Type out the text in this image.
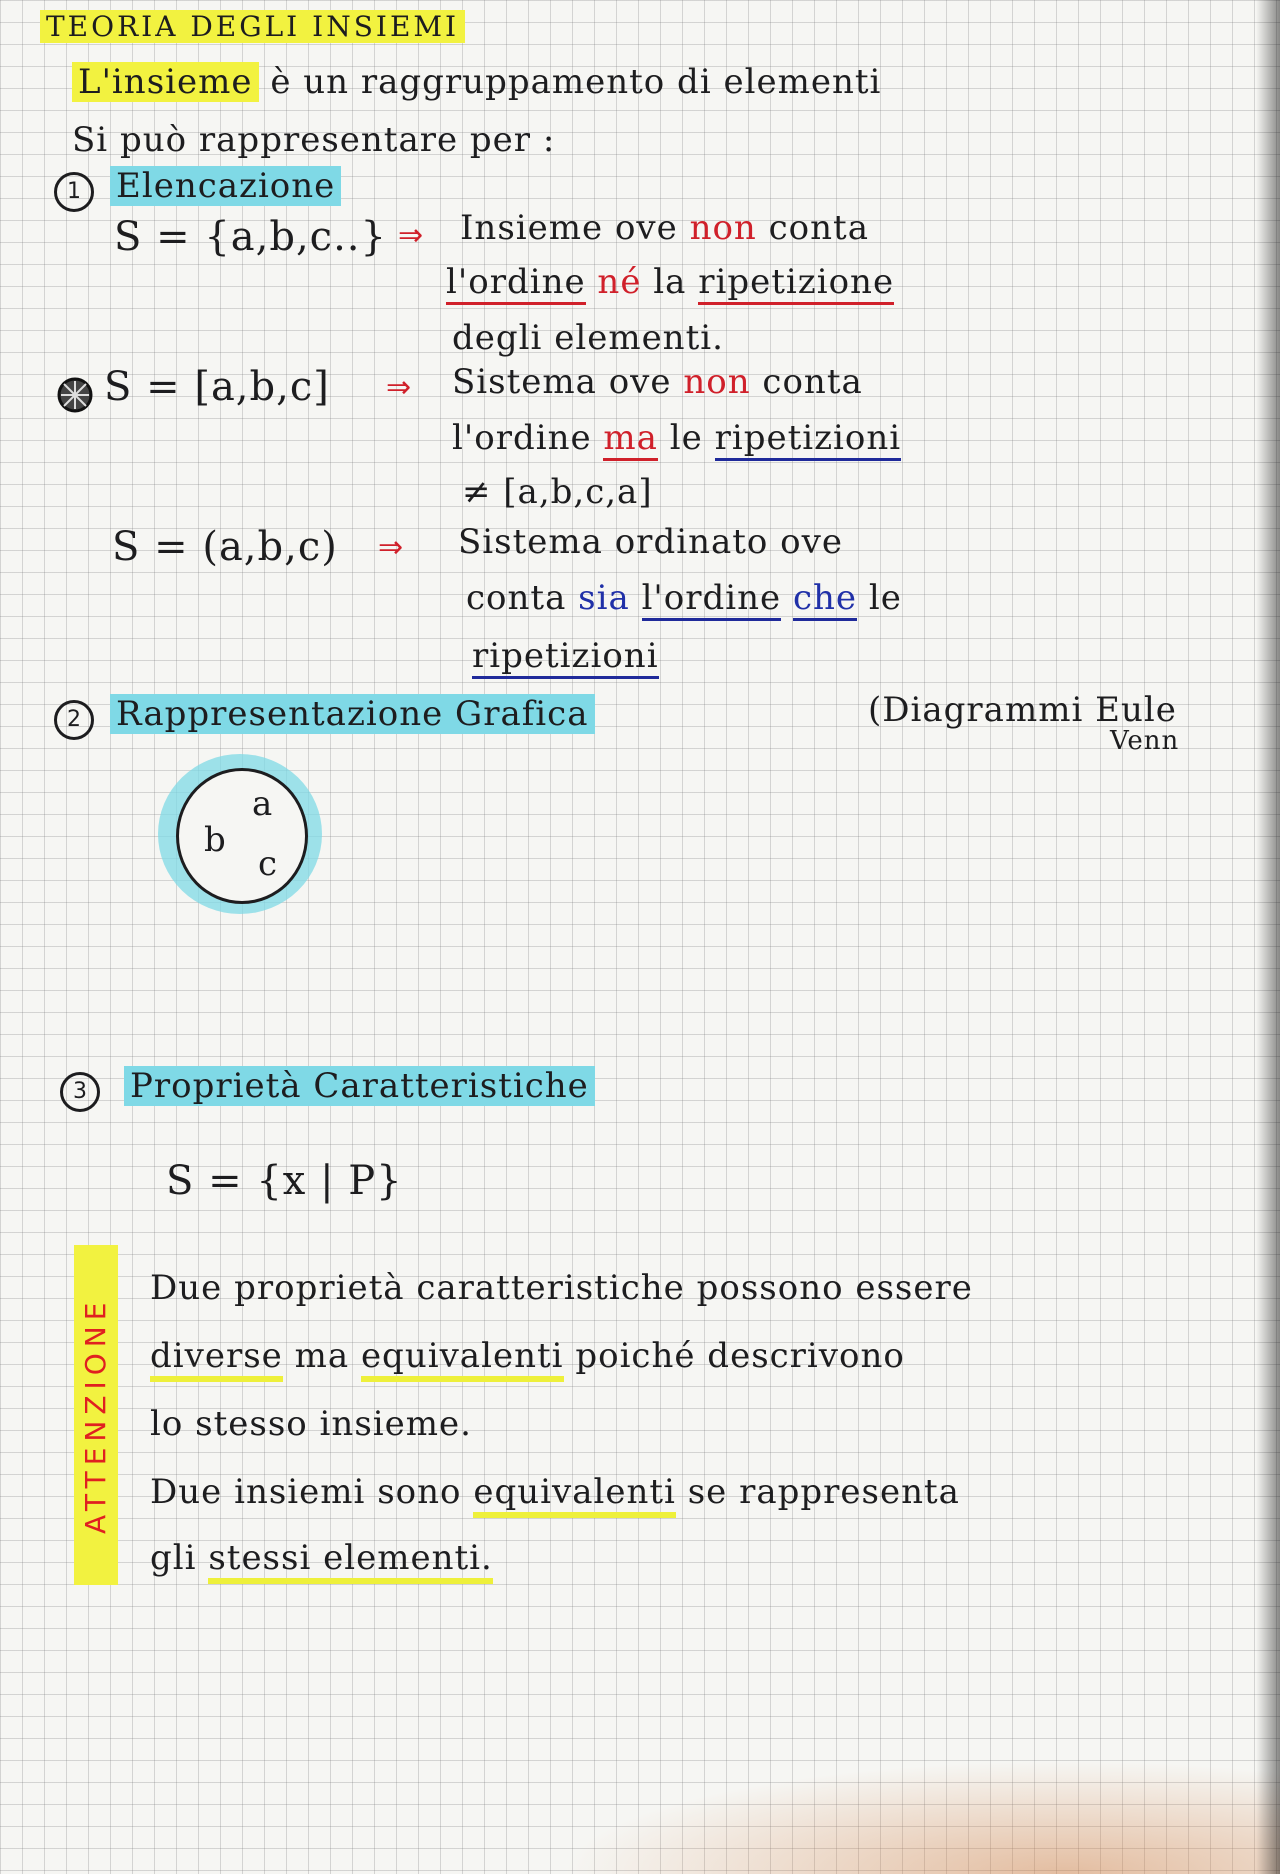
TEORIA DEGLI INSIEMI
L'insieme è un raggruppamento di elementi
Si può rappresentare per :
1	Elencazione
S = {a,b,c..} ⇒ Insieme ove non conta
l'ordine né la ripetizione
degli elementi.
S = [a,b,c] ⇒ Sistema ove non conta
l'ordine ma le ripetizioni
≠ [a,b,c,a]
S = (a,b,c) ⇒ Sistema ordinato ove
conta sia l'ordine che le
ripetizioni
2	Rappresentazione Grafica	(Diagrammi Eule
Venn
a
b
c
3	Proprietà Caratteristiche
S = {x | P}
ATTENZIONE
Due proprietà caratteristiche possono essere
diverse ma equivalenti poiché descrivono
lo stesso insieme.
Due insiemi sono equivalenti se rappresenta
gli stessi elementi.
